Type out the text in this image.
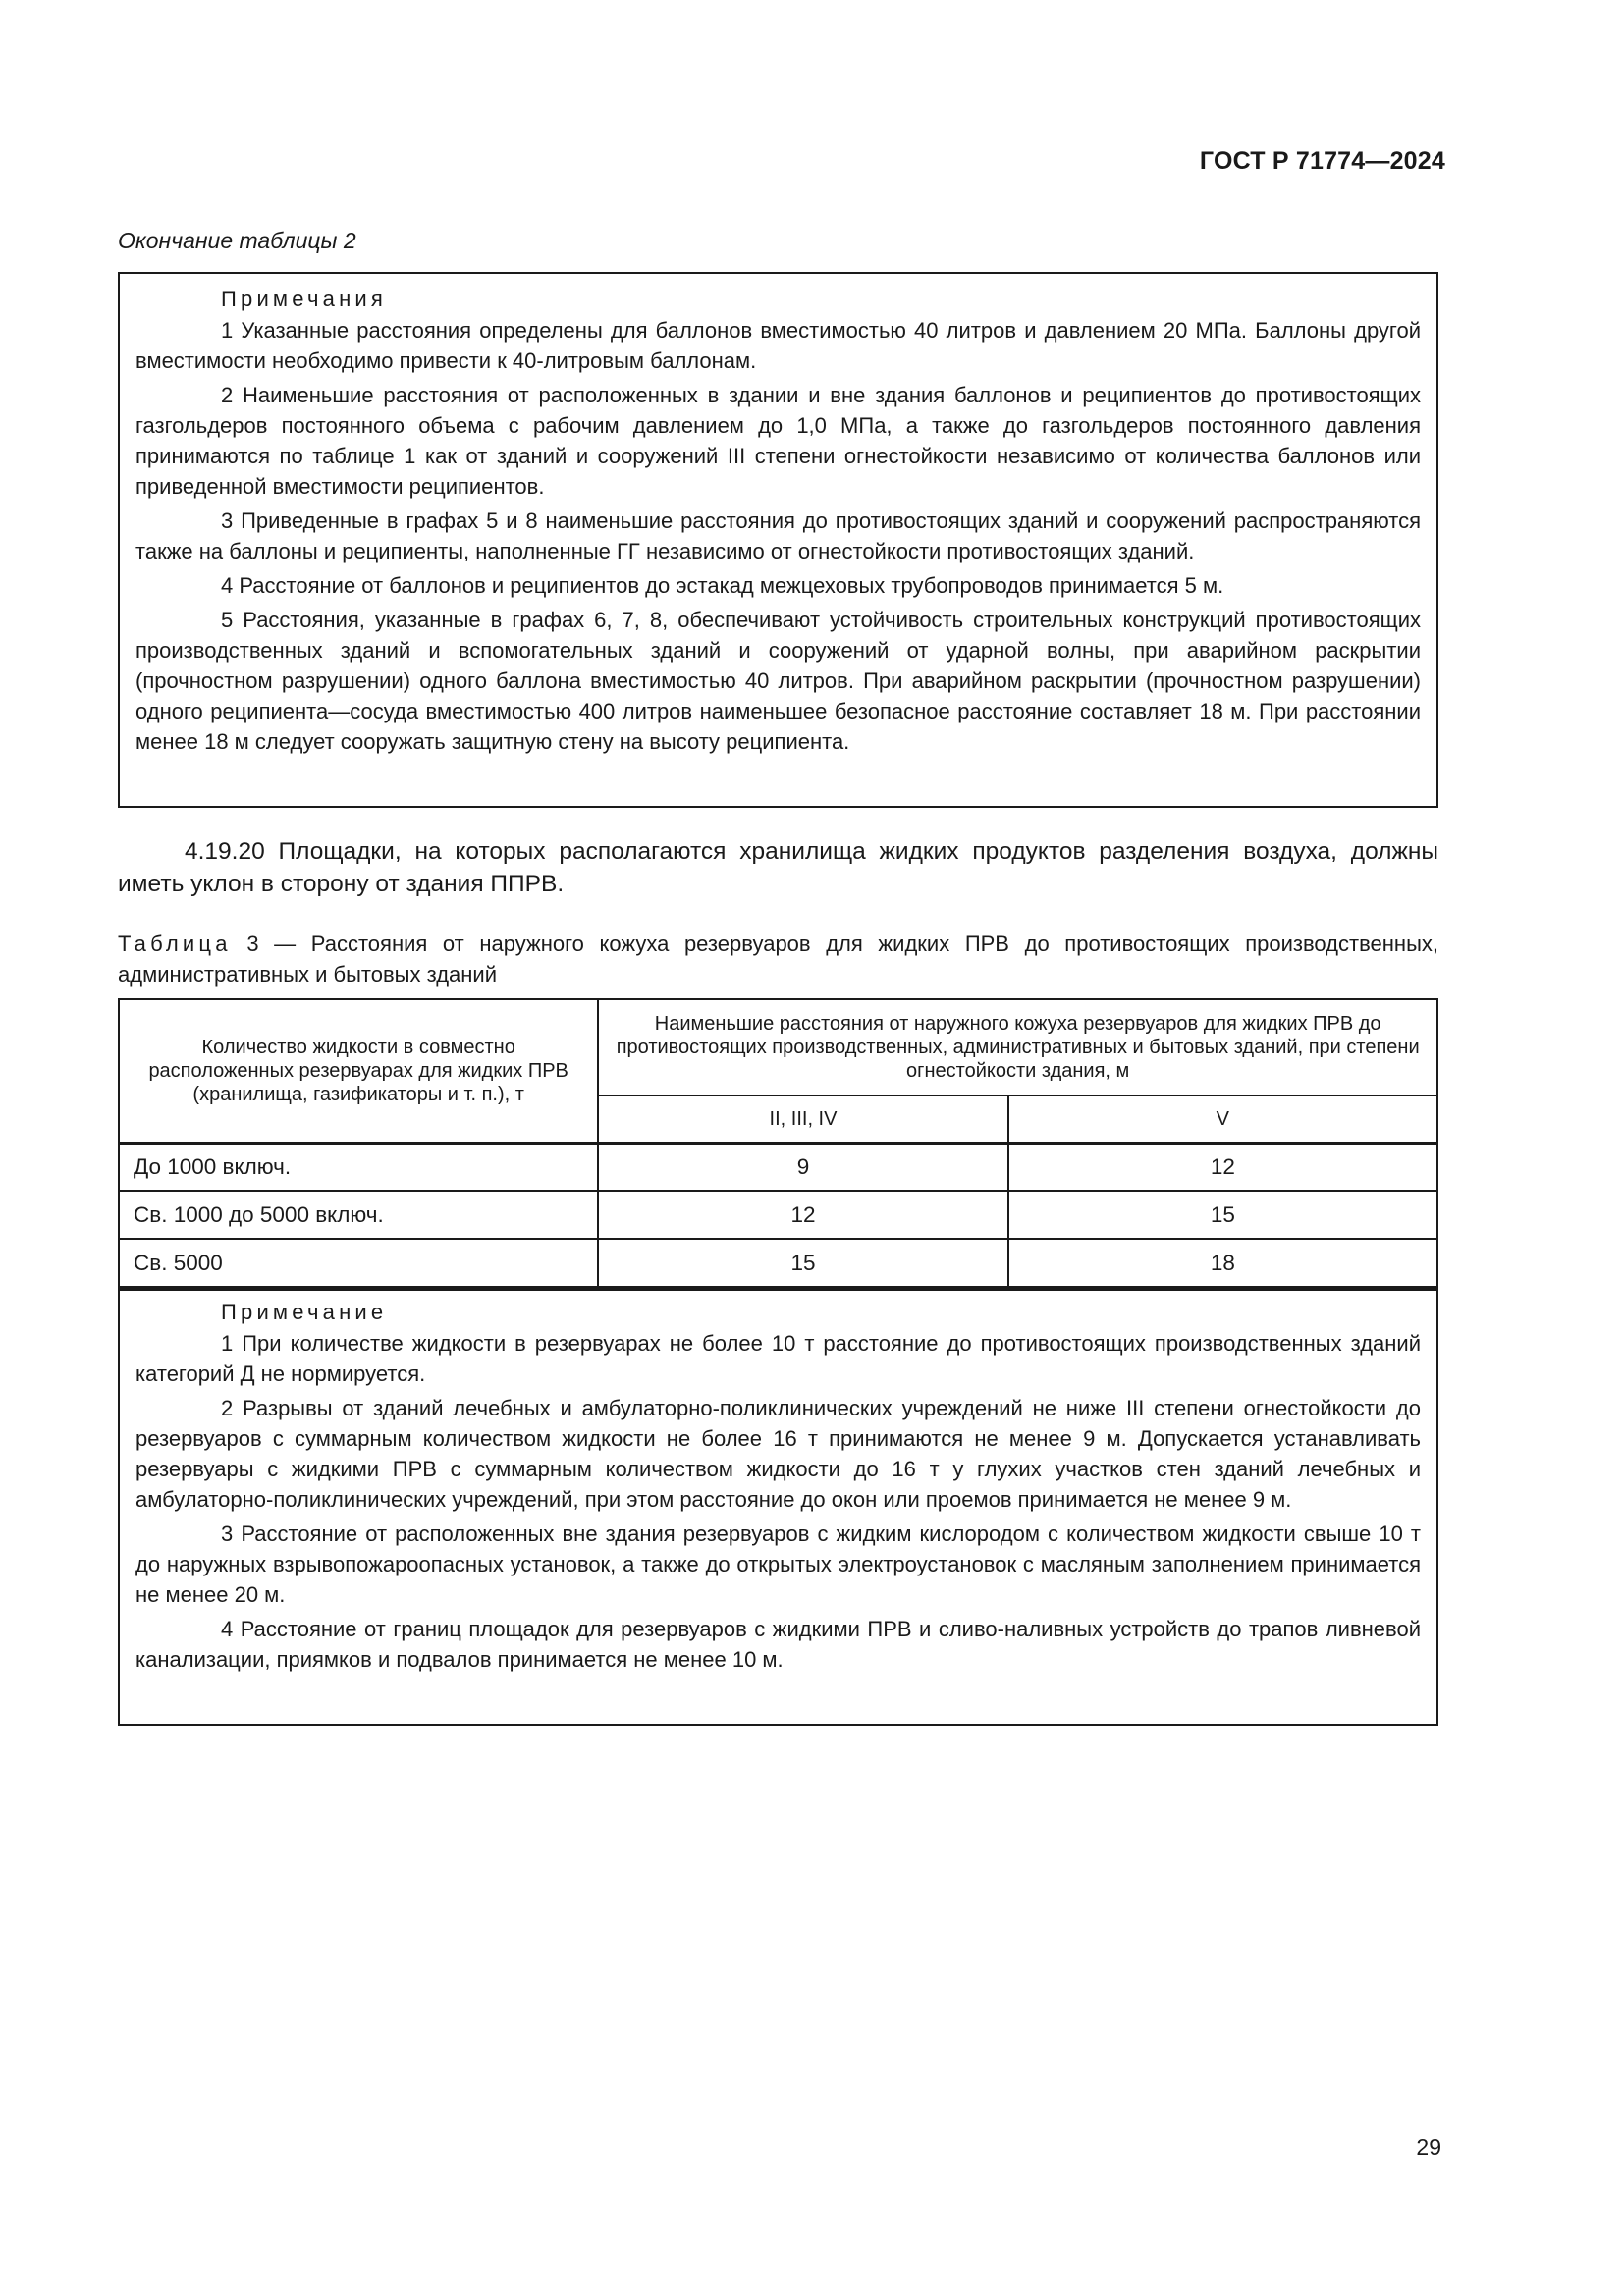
ГОСТ Р 71774—2024
Окончание таблицы 2
Примечания

1 Указанные расстояния определены для баллонов вместимостью 40 литров и давлением 20 МПа. Баллоны другой вместимости необходимо привести к 40-литровым баллонам.

2 Наименьшие расстояния от расположенных в здании и вне здания баллонов и реципиентов до противостоящих газгольдеров постоянного объема с рабочим давлением до 1,0 МПа, а также до газгольдеров постоянного давления принимаются по таблице 1 как от зданий и сооружений III степени огнестойкости независимо от количества баллонов или приведенной вместимости реципиентов.

3 Приведенные в графах 5 и 8 наименьшие расстояния до противостоящих зданий и сооружений распространяются также на баллоны и реципиенты, наполненные ГГ независимо от огнестойкости противостоящих зданий.

4 Расстояние от баллонов и реципиентов до эстакад межцеховых трубопроводов принимается 5 м.

5 Расстояния, указанные в графах 6, 7, 8, обеспечивают устойчивость строительных конструкций противостоящих производственных зданий и вспомогательных зданий и сооружений от ударной волны, при аварийном раскрытии (прочностном разрушении) одного баллона вместимостью 40 литров. При аварийном раскрытии (прочностном разрушении) одного реципиента—сосуда вместимостью 400 литров наименьшее безопасное расстояние составляет 18 м. При расстоянии менее 18 м следует сооружать защитную стену на высоту реципиента.

4.19.20 Площадки, на которых располагаются хранилища жидких продуктов разделения воздуха, должны иметь уклон в сторону от здания ППРВ.
Таблица 3 — Расстояния от наружного кожуха резервуаров для жидких ПРВ до противостоящих производственных, административных и бытовых зданий
Количество жидкости в совместно расположенных резервуарах для жидких ПРВ (хранилища, газификаторы и т. п.), т	Наименьшие расстояния от наружного кожуха резервуаров для жидких ПРВ до противостоящих производственных, административных и бытовых зданий, при степени огнестойкости здания, м	
	II, III, IV	V
До 1000 включ.	9	12
Св. 1000 до 5000 включ.	12	15
Св. 5000	15	18
Примечание

1 При количестве жидкости в резервуарах не более 10 т расстояние до противостоящих производственных зданий категорий Д не нормируется.

2 Разрывы от зданий лечебных и амбулаторно-поликлинических учреждений не ниже III степени огнестойкости до резервуаров с суммарным количеством жидкости не более 16 т принимаются не менее 9 м. Допускается устанавливать резервуары с жидкими ПРВ с суммарным количеством жидкости до 16 т у глухих участков стен зданий лечебных и амбулаторно-поликлинических учреждений, при этом расстояние до окон или проемов принимается не менее 9 м.

3 Расстояние от расположенных вне здания резервуаров с жидким кислородом с количеством жидкости свыше 10 т до наружных взрывопожароопасных установок, а также до открытых электроустановок с масляным заполнением принимается не менее 20 м.

4 Расстояние от границ площадок для резервуаров с жидкими ПРВ и сливо-наливных устройств до трапов ливневой канализации, приямков и подвалов принимается не менее 10 м.

29
